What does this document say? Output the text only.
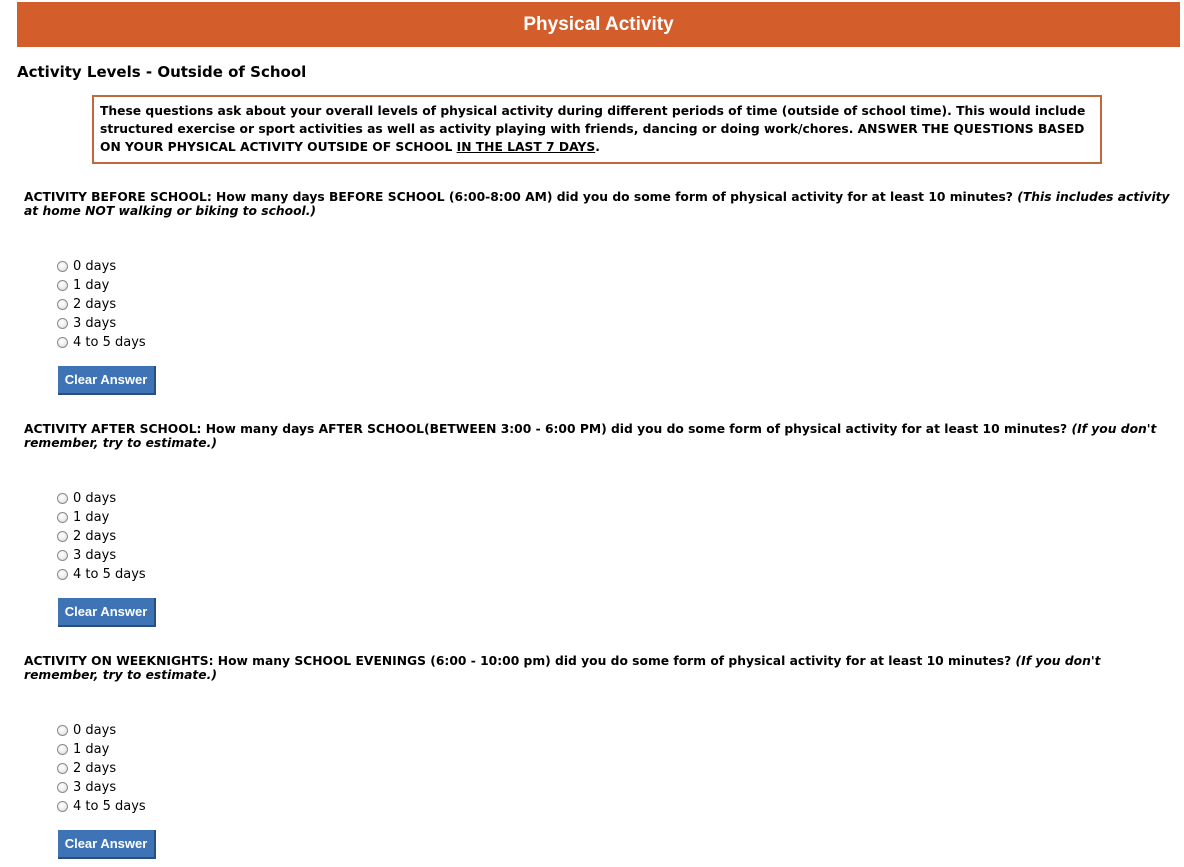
Physical Activity
Activity Levels - Outside of School
These questions ask about your overall levels of physical activity during different periods of time (outside of school time). This would include structured exercise or sport activities as well as activity playing with friends, dancing or doing work/chores. ANSWER THE QUESTIONS BASED ON YOUR PHYSICAL ACTIVITY OUTSIDE OF SCHOOL IN THE LAST 7 DAYS.
ACTIVITY BEFORE SCHOOL: How many days BEFORE SCHOOL (6:00-8:00 AM) did you do some form of physical activity for at least 10 minutes? (This includes activity at home NOT walking or biking to school.)
0 days
1 day
2 days
3 days
4 to 5 days
Clear Answer
ACTIVITY AFTER SCHOOL: How many days AFTER SCHOOL(BETWEEN 3:00 - 6:00 PM) did you do some form of physical activity for at least 10 minutes? (If you don't remember, try to estimate.)
0 days
1 day
2 days
3 days
4 to 5 days
Clear Answer
ACTIVITY ON WEEKNIGHTS: How many SCHOOL EVENINGS (6:00 - 10:00 pm) did you do some form of physical activity for at least 10 minutes? (If you don't remember, try to estimate.)
0 days
1 day
2 days
3 days
4 to 5 days
Clear Answer
